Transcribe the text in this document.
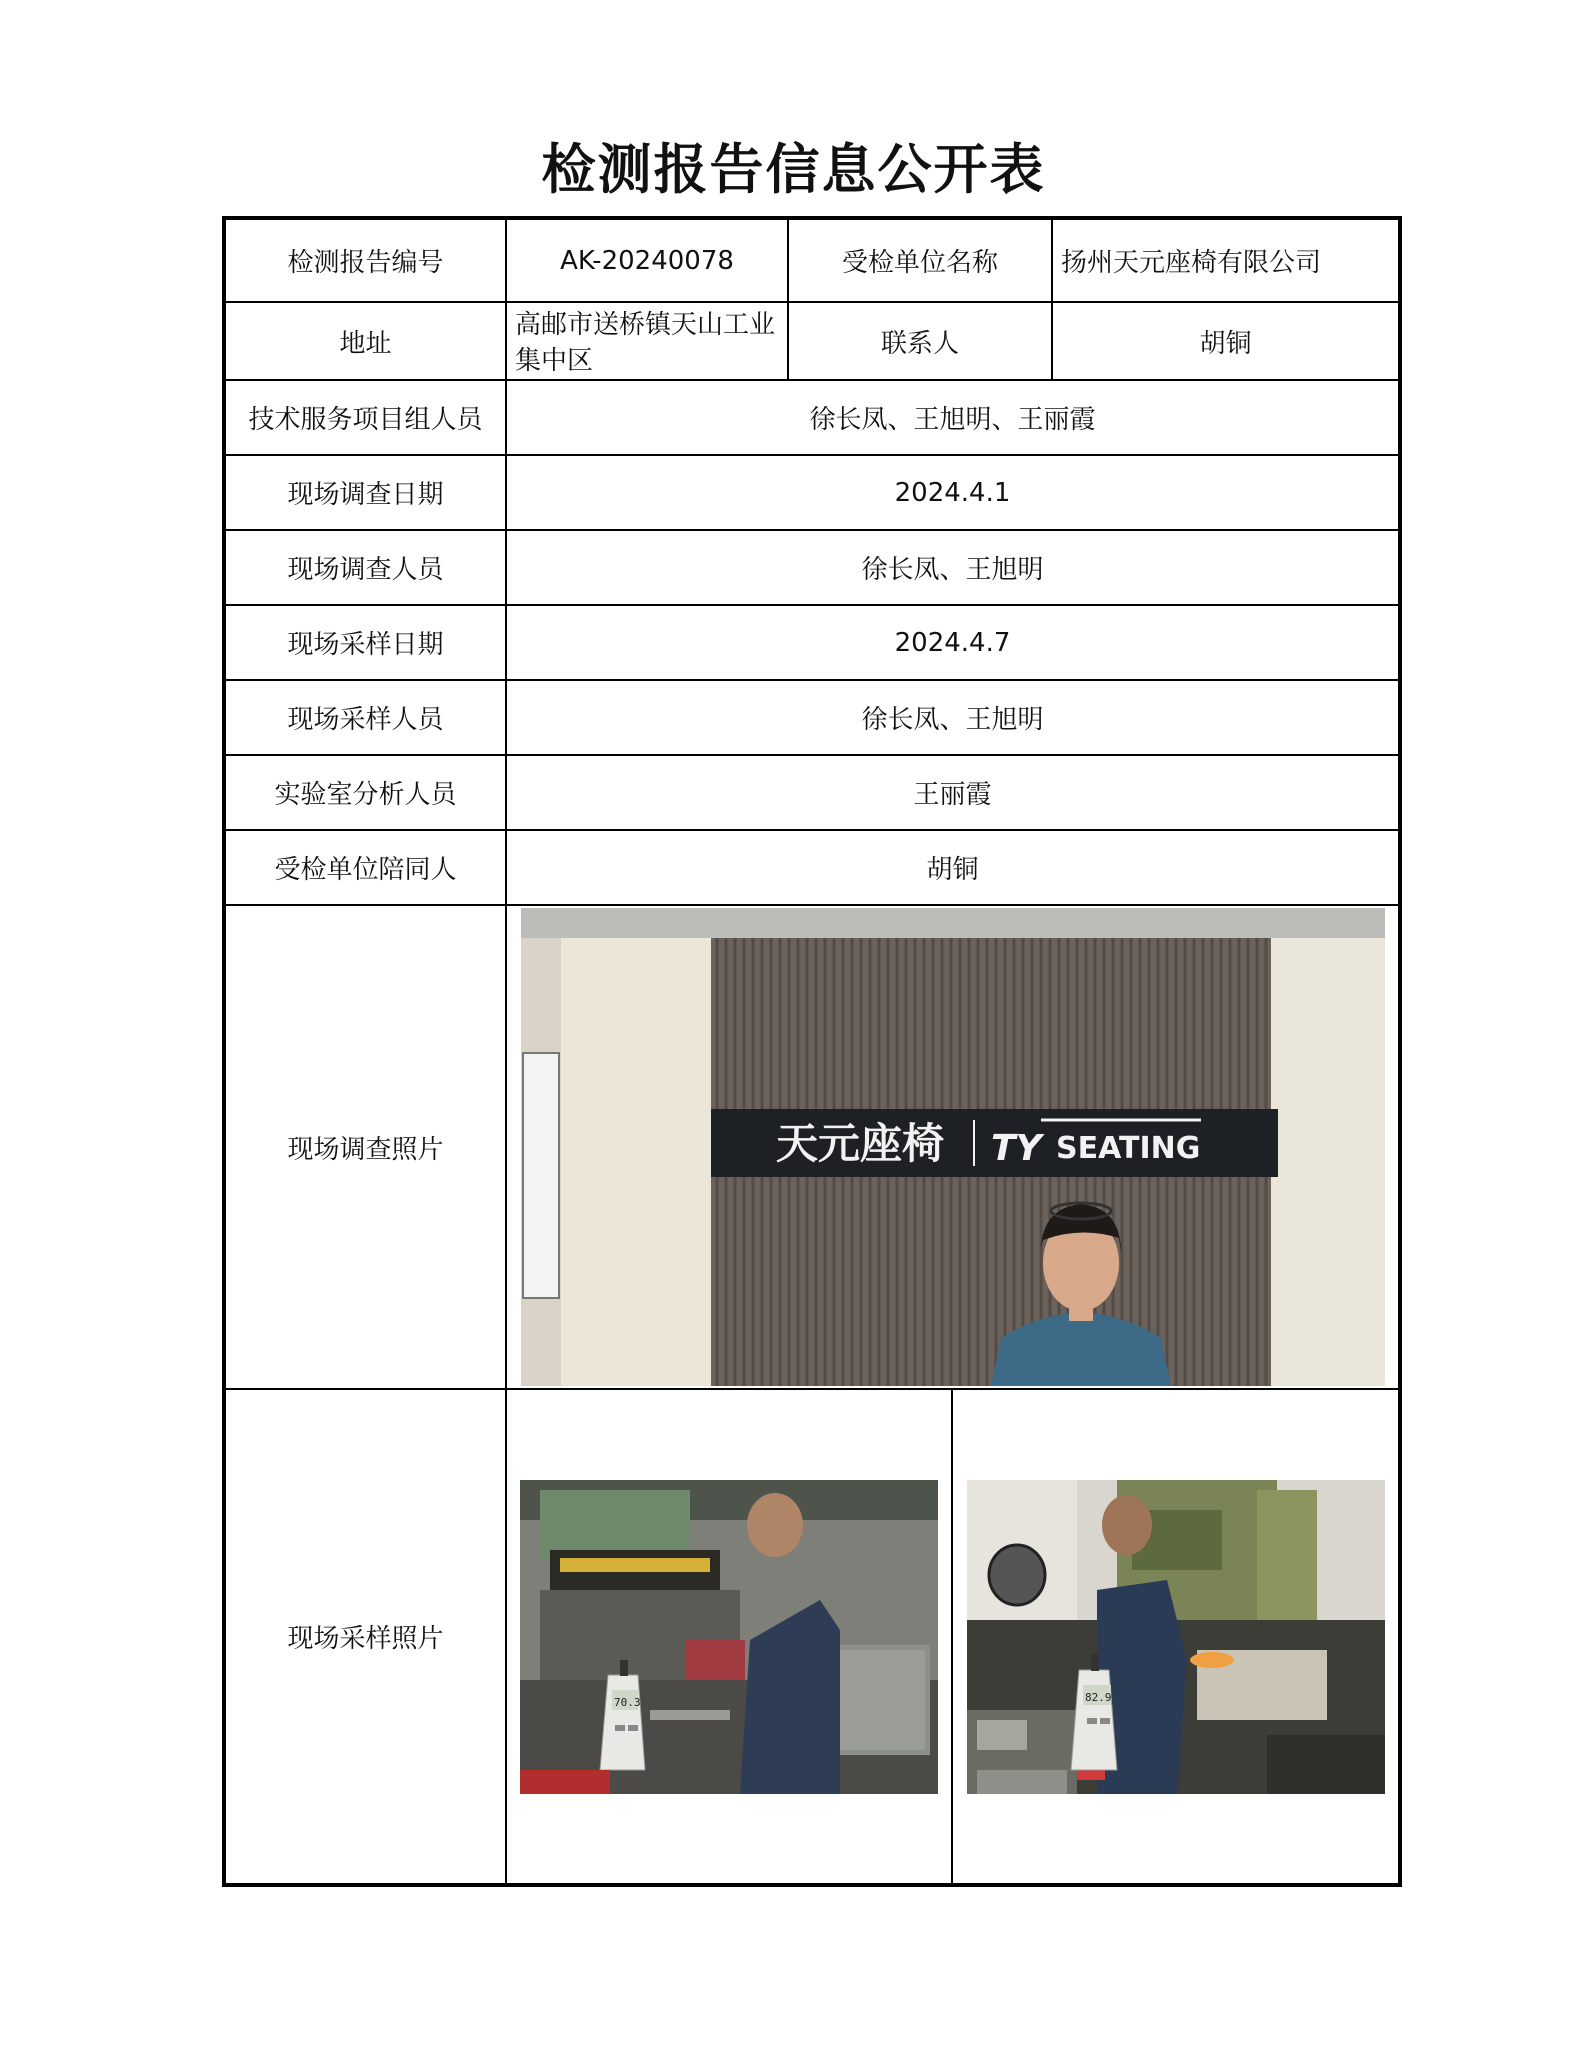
检测报告信息公开表
检测报告编号	AK-20240078	受检单位名称		扬州天元座椅有限公司
地址	高邮市送桥镇天山工业集中区	联系人		胡铜
技术服务项目组人员	徐长凤、王旭明、王丽霞			
现场调查日期	2024.4.1			
现场调查人员	徐长凤、王旭明			
现场采样日期	2024.4.7			
现场采样人员	徐长凤、王旭明			
实验室分析人员	王丽霞			
受检单位陪同人	胡铜			
现场调查照片	天元座椅 TY SEATING			

现场采样照片	70.3		82.9	
